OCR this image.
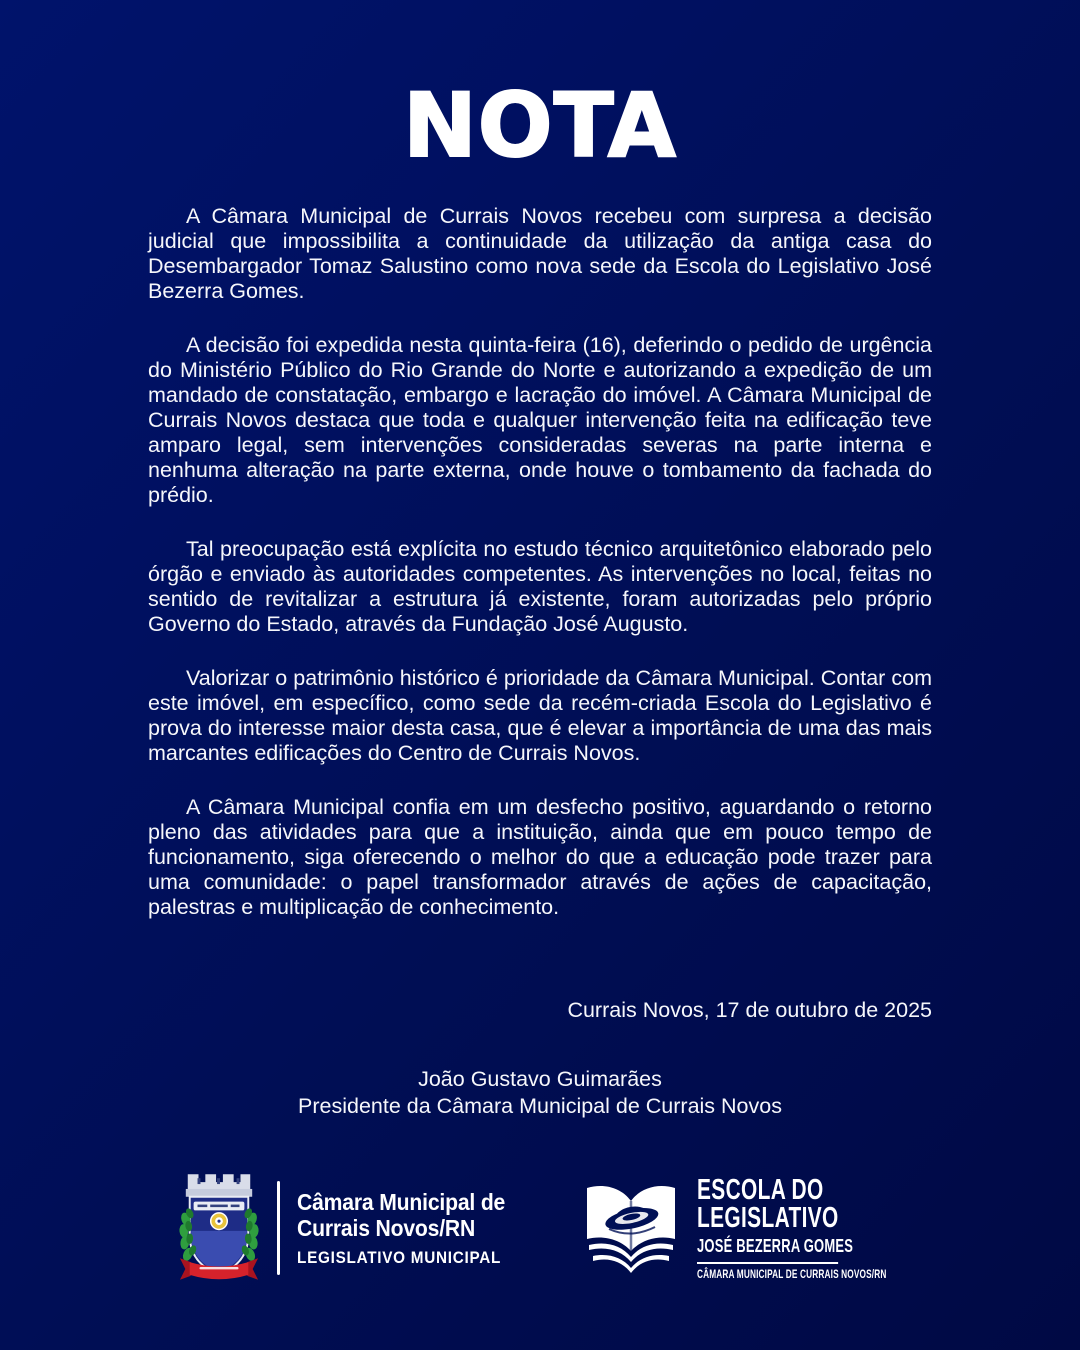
NOTA

A Câmara Municipal de Currais Novos recebeu com surpresa a decisão judicial que impossibilita a continuidade da utilização da antiga casa do Desembargador Tomaz Salustino como nova sede da Escola do Legislativo José Bezerra Gomes.

A decisão foi expedida nesta quinta-feira (16), deferindo o pedido de urgência do Ministério Público do Rio Grande do Norte e autorizando a expedição de um mandado de constatação, embargo e lacração do imóvel. A Câmara Municipal de Currais Novos destaca que toda e qualquer intervenção feita na edificação teve amparo legal, sem intervenções consideradas severas na parte interna e nenhuma alteração na parte externa, onde houve o tombamento da fachada do prédio.

Tal preocupação está explícita no estudo técnico arquitetônico elaborado pelo órgão e enviado às autoridades competentes. As intervenções no local, feitas no sentido de revitalizar a estrutura já existente, foram autorizadas pelo próprio Governo do Estado, através da Fundação José Augusto.

Valorizar o patrimônio histórico é prioridade da Câmara Municipal. Contar com este imóvel, em específico, como sede da recém-criada Escola do Legislativo é prova do interesse maior desta casa, que é elevar a importância de uma das mais marcantes edificações do Centro de Currais Novos.

A Câmara Municipal confia em um desfecho positivo, aguardando o retorno pleno das atividades para que a instituição, ainda que em pouco tempo de funcionamento, siga oferecendo o melhor do que a educação pode trazer para uma comunidade: o papel transformador através de ações de capacitação, palestras e multiplicação de conhecimento.

Currais Novos, 17 de outubro de 2025
João Gustavo Guimarães
Presidente da Câmara Municipal de Currais Novos
Câmara Municipal de
Currais Novos/RN
LEGISLATIVO MUNICIPAL
ESCOLA DO
LEGISLATIVO
JOSÉ BEZERRA GOMES
CÂMARA MUNICIPAL DE CURRAIS NOVOS/RN
